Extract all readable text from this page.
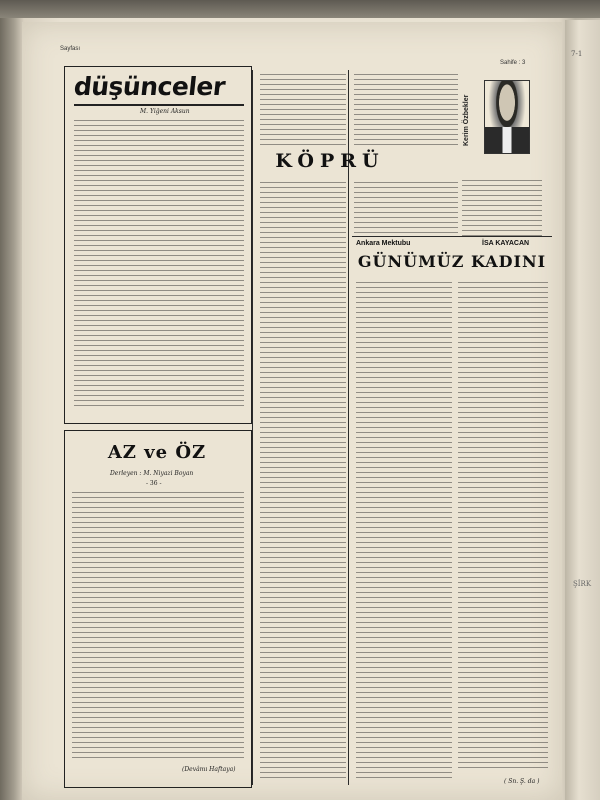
7-1
ŞİRK
Sayfası
Sahife : 3
düşünceler
M. Yiğeni Aksun
AZ ve ÖZ
Derleyen : M. Niyazi Boyan
- 36 -
(Devâmı Haftaya)
KÖPRÜ
Ankara Mektubu
Kerim Özbekler
İSA KAYACAN
GÜNÜMÜZ KADINI
( Sn. Ş. da )
